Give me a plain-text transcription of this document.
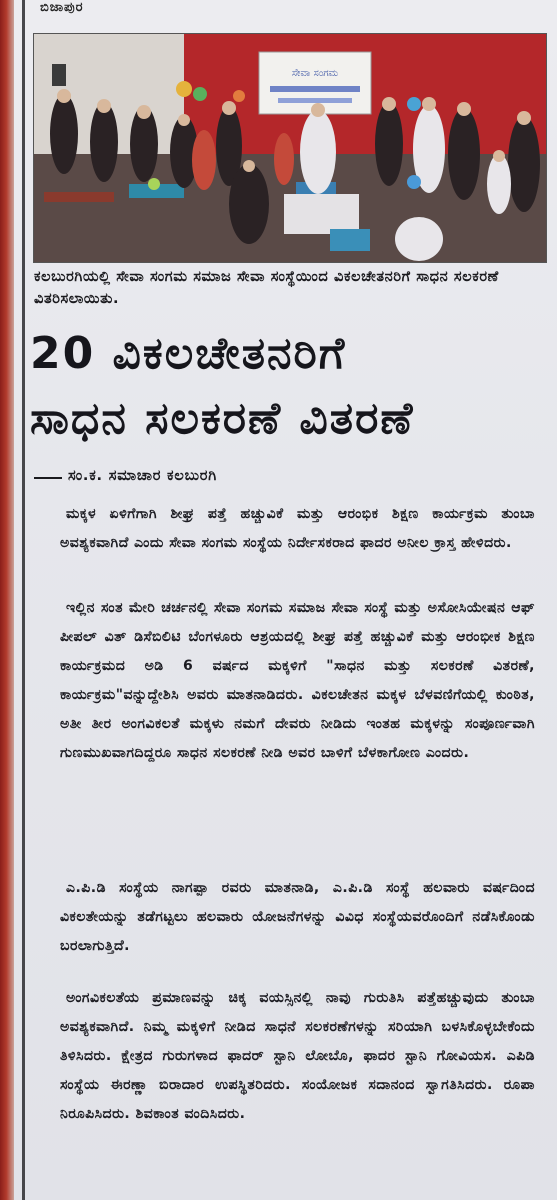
ಬಿಜಾಪುರ
ಸೇವಾ ಸಂಗಮ
ಕಲಬುರಗಿಯಲ್ಲಿ ಸೇವಾ ಸಂಗಮ ಸಮಾಜ ಸೇವಾ ಸಂಸ್ಥೆಯಿಂದ ವಿಕಲಚೇತನರಿಗೆ ಸಾಧನ ಸಲಕರಣೆ ವಿತರಿಸಲಾಯಿತು.
20 ವಿಕಲಚೇತನರಿಗೆ
ಸಾಧನ ಸಲಕರಣೆ ವಿತರಣೆ
ಸಂ.ಕ. ಸಮಾಚಾರ ಕಲಬುರಗಿ
ಮಕ್ಕಳ ಏಳಿಗೆಗಾಗಿ ಶೀಘ್ರ ಪತ್ತೆ ಹಚ್ಚುವಿಕೆ ಮತ್ತು ಆರಂಭಿಕ ಶಿಕ್ಷಣ ಕಾರ್ಯಕ್ರಮ ತುಂಬಾ ಅವಶ್ಯಕವಾಗಿದೆ ಎಂದು ಸೇವಾ ಸಂಗಮ ಸಂಸ್ಥೆಯ ನಿರ್ದೇಸಕರಾದ ಫಾದರ ಅನೀಲ ಕ್ರಾಸ್ತ ಹೇಳಿದರು.
ಇಲ್ಲಿನ ಸಂತ ಮೇರಿ ಚರ್ಚನಲ್ಲಿ ಸೇವಾ ಸಂಗಮ ಸಮಾಜ ಸೇವಾ ಸಂಸ್ಥೆ ಮತ್ತು ಅಸೋಸಿಯೇಷನ ಆಫ್ ಪೀಪಲ್ ವಿತ್ ಡಿಸೆಬಿಲಿಟಿ ಬೆಂಗಳೂರು ಆಶ್ರಯದಲ್ಲಿ ಶೀಘ್ರ ಪತ್ತೆ ಹಚ್ಚುವಿಕೆ ಮತ್ತು ಆರಂಭೀಕ ಶಿಕ್ಷಣ ಕಾರ್ಯಕ್ರಮದ ಅಡಿ 6 ವರ್ಷದ ಮಕ್ಕಳಿಗೆ "ಸಾಧನ ಮತ್ತು ಸಲಕರಣೆ ವಿತರಣೆ, ಕಾರ್ಯಕ್ರಮ"ವನ್ನುದ್ದೇಶಿಸಿ ಅವರು ಮಾತನಾಡಿದರು. ವಿಕಲಚೇತನ ಮಕ್ಕಳ ಬೆಳವಣಿಗೆಯಲ್ಲಿ ಕುಂಠಿತ, ಅತೀ ತೀರ ಅಂಗವಿಕಲತೆ ಮಕ್ಕಳು ನಮಗೆ ದೇವರು ನೀಡಿದು ಇಂತಹ ಮಕ್ಕಳನ್ನು ಸಂಪೂರ್ಣವಾಗಿ ಗುಣಮುಖವಾಗದಿದ್ದರೂ ಸಾಧನ ಸಲಕರಣೆ ನೀಡಿ ಅವರ ಬಾಳಿಗೆ ಬೆಳಕಾಗೋಣ ಎಂದರು.
ಎ.ಪಿ.ಡಿ ಸಂಸ್ಥೆಯ ನಾಗಪ್ಪಾ ರವರು ಮಾತನಾಡಿ, ಎ.ಪಿ.ಡಿ ಸಂಸ್ಥೆ ಹಲವಾರು ವರ್ಷದಿಂದ ವಿಕಲತೇಯನ್ನು ತಡೆಗಟ್ಟಲು ಹಲವಾರು ಯೋಜನೆಗಳನ್ನು ವಿವಿಧ ಸಂಸ್ಥೆಯವರೊಂದಿಗೆ ನಡೆಸಿಕೊಂಡು ಬರಲಾಗುತ್ತಿದೆ.
ಅಂಗವಿಕಲತೆಯ ಪ್ರಮಾಣವನ್ನು ಚಿಕ್ಕ ವಯಸ್ಸಿನಲ್ಲಿ ನಾವು ಗುರುತಿಸಿ ಪತ್ತೆಹಚ್ಚುವುದು ತುಂಬಾ ಅವಶ್ಯಕವಾಗಿದೆ. ನಿಮ್ಮ ಮಕ್ಕಳಿಗೆ ನೀಡಿದ ಸಾಧನೆ ಸಲಕರಣೆಗಳನ್ನು ಸರಿಯಾಗಿ ಬಳಸಿಕೊಳ್ಳಬೇಕೆಂದು ತಿಳಿಸಿದರು. ಕ್ಷೇತ್ರದ ಗುರುಗಳಾದ ಫಾದರ್ ಸ್ಟಾನಿ ಲೋಬೊ, ಫಾದರ ಸ್ಟಾನಿ ಗೋವಿಯಸ. ಎಪಿಡಿ ಸಂಸ್ಥೆಯ ಈರಣ್ಣಾ ಬಿರಾದಾರ ಉಪಸ್ಥಿತರಿದರು. ಸಂಯೋಜಕ ಸದಾನಂದ ಸ್ವಾಗತಿಸಿದರು. ರೂಪಾ ನಿರೂಪಿಸಿದರು. ಶಿವಕಾಂತ ವಂದಿಸಿದರು.
